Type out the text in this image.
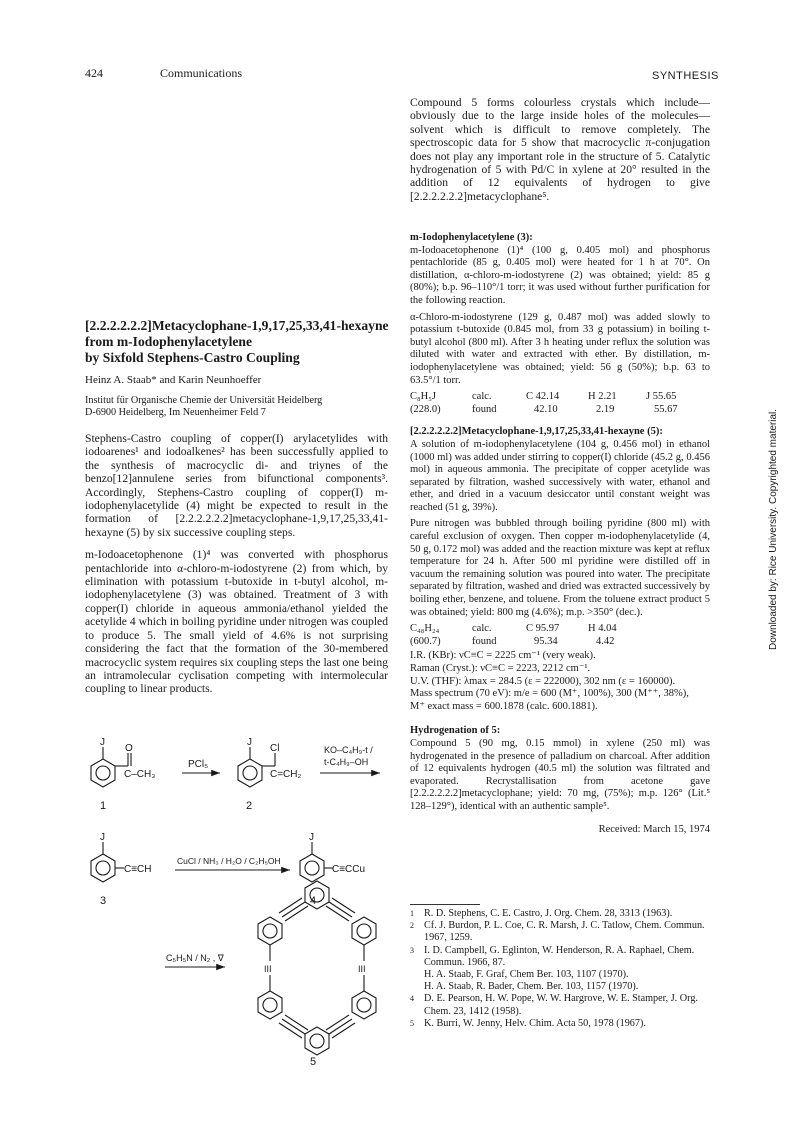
424	Communications	SYNTHESIS
Downloaded by: Rice University. Copyrighted material.

Compound 5 forms colourless crystals which include—obviously due to the large inside holes of the molecules—solvent which is difficult to remove completely. The spectroscopic data for 5 show that macrocyclic π-conjugation does not play any important role in the structure of 5. Catalytic hydrogenation of 5 with Pd/C in xylene at 20° resulted in the addition of 12 equivalents of hydrogen to give [2.2.2.2.2.2]metacyclophane⁵.

m-Iodophenylacetylene (3):

m-Iodoacetophenone (1)⁴ (100 g, 0.405 mol) and phosphorus pentachloride (85 g, 0.405 mol) were heated for 1 h at 70°. On distillation, α-chloro-m-iodostyrene (2) was obtained; yield: 85 g (80%); b.p. 96–110°/1 torr; it was used without further purification for the following reaction.

α-Chloro-m-iodostyrene (129 g, 0.487 mol) was added slowly to potassium t-butoxide (0.845 mol, from 33 g potassium) in boiling t-butyl alcohol (800 ml). After 3 h heating under reflux the solution was diluted with water and extracted with ether. By distillation, m-iodophenylacetylene was obtained; yield: 56 g (50%); b.p. 63 to 63.5°/1 torr.

C₈H₅J	calc.	C 42.14	H 2.21	J 55.65
(228.0)	found	42.10	2.19	55.67
[2.2.2.2.2.2]Metacyclophane-1,9,17,25,33,41-hexayne (5):

A solution of m-iodophenylacetylene (104 g, 0.456 mol) in ethanol (1000 ml) was added under stirring to copper(I) chloride (45.2 g, 0.456 mol) in aqueous ammonia. The precipitate of copper acetylide was separated by filtration, washed successively with water, ethanol and ether, and dried in a vacuum desiccator until constant weight was reached (51 g, 39%).

Pure nitrogen was bubbled through boiling pyridine (800 ml) with careful exclusion of oxygen. Then copper m-iodophenylacetylide (4, 50 g, 0.172 mol) was added and the reaction mixture was kept at reflux temperature for 24 h. After 500 ml pyridine were distilled off in vacuum the remaining solution was poured into water. The precipitate separated by filtration, washed and dried was extracted successively by boiling ether, benzene, and toluene. From the toluene extract product 5 was obtained; yield: 800 mg (4.6%); m.p. >350° (dec.).

C₄₈H₂₄	calc.	C 95.97	H 4.04
(600.7)	found	95.34	4.42
I.R. (KBr): νC≡C = 2225 cm⁻¹ (very weak).
Raman (Cryst.): νC≡C = 2223, 2212 cm⁻¹.
U.V. (THF): λmax = 284.5 (ε = 222000), 302 nm (ε = 160000).
Mass spectrum (70 eV): m/e = 600 (M⁺, 100%), 300 (M⁺⁺, 38%),
M⁺ exact mass = 600.1878 (calc. 600.1881).
Hydrogenation of 5:

Compound 5 (90 mg, 0.15 mmol) in xylene (250 ml) was hydrogenated in the presence of palladium on charcoal. After addition of 12 equivalents hydrogen (40.5 ml) the solution was filtrated and evaporated. Recrystallisation from acetone gave [2.2.2.2.2.2]metacyclophane; yield: 70 mg, (75%); m.p. 126° (Lit.⁵ 128–129°), identical with an authentic sample⁵.

Received: March 15, 1974
[2.2.2.2.2.2]Metacyclophane-1,9,17,25,33,41-hexayne
from m-Iodophenylacetylene
by Sixfold Stephens-Castro Coupling
Heinz A. Staab* and Karin Neunhoeffer
Institut für Organische Chemie der Universität Heidelberg
D-6900 Heidelberg, Im Neuenheimer Feld 7

Stephens-Castro coupling of copper(I) arylacetylides with iodoarenes¹ and iodoalkenes² has been successfully applied to the synthesis of macrocyclic di- and triynes of the benzo[12]annulene series from bifunctional components³. Accordingly, Stephens-Castro coupling of copper(I) m-iodophenylacetylide (4) might be expected to result in the formation of [2.2.2.2.2.2]metacyclophane-1,9,17,25,33,41-hexayne (5) by six successive coupling steps.

m-Iodoacetophenone (1)⁴ was converted with phosphorus pentachloride into α-chloro-m-iodostyrene (2) from which, by elimination with potassium t-butoxide in t-butyl alcohol, m-iodophenylacetylene (3) was obtained. Treatment of 3 with copper(I) chloride in aqueous ammonia/ethanol yielded the acetylide 4 which in boiling pyridine under nitrogen was coupled to produce 5. The small yield of 4.6% is not surprising considering the fact that the formation of the 30-membered macrocyclic system requires six coupling steps the last one being an intramolecular cyclisation competing with intermolecular coupling to linear products.

J
O
C–CH₃
1
PCl₅
J
Cl
C=CH₂
2
KO–C₄H₉-t /
t-C₄H₉–OH
J
C≡CH
3
CuCl / NH₃ / H₂O / C₂H₅OH
J
C≡CCu
4
C₅H₅N / N₂ , ∇
III	III
5
1 R. D. Stephens, C. E. Castro, J. Org. Chem. 28, 3313 (1963).
2 Cf. J. Burdon, P. L. Coe, C. R. Marsh, J. C. Tatlow, Chem. Commun. 1967, 1259.
3 I. D. Campbell, G. Eglinton, W. Henderson, R. A. Raphael, Chem. Commun. 1966, 87.
H. A. Staab, F. Graf, Chem Ber. 103, 1107 (1970).
H. A. Staab, R. Bader, Chem. Ber. 103, 1157 (1970).
4 D. E. Pearson, H. W. Pope, W. W. Hargrove, W. E. Stamper, J. Org. Chem. 23, 1412 (1958).
5 K. Burri, W. Jenny, Helv. Chim. Acta 50, 1978 (1967).
